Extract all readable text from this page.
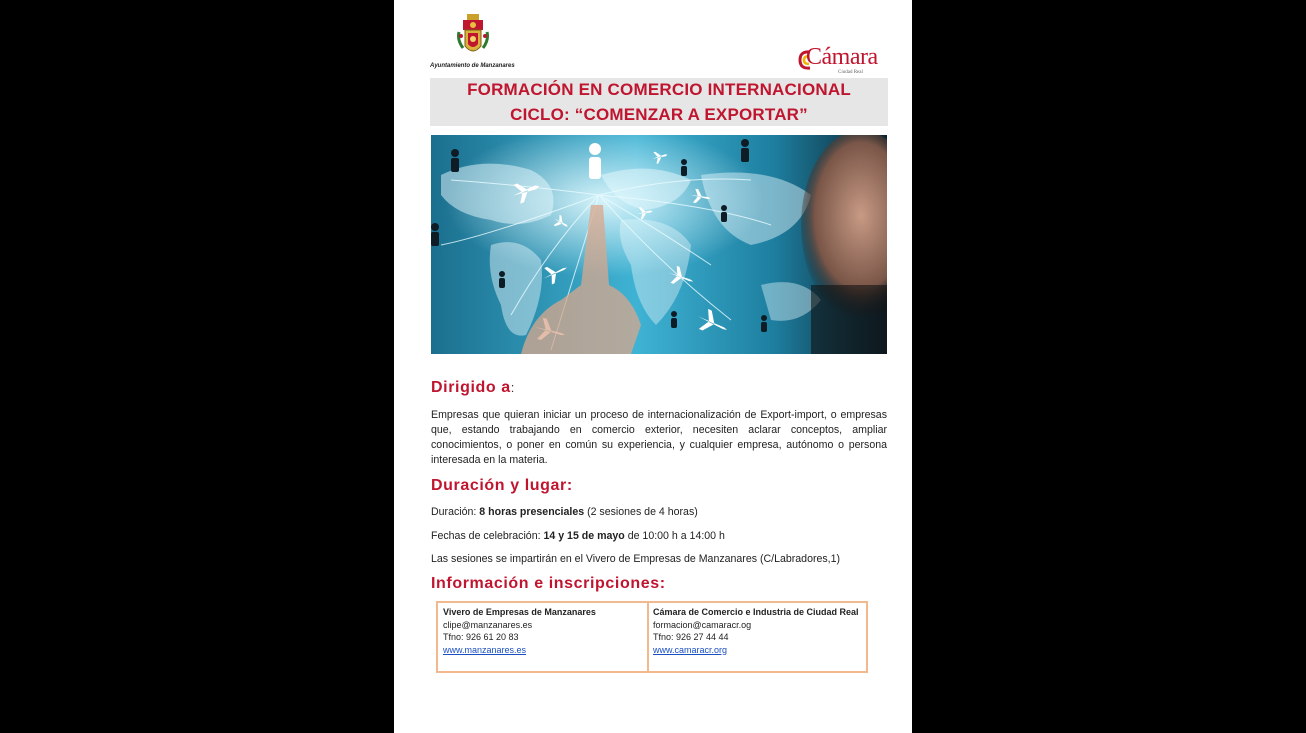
Ayuntamiento de Manzanares	Cámara
Ciudad Real
FORMACIÓN EN COMERCIO INTERNACIONAL
CICLO: “COMENZAR A EXPORTAR”
Dirigido a:
Empresas que quieran iniciar un proceso de internacionalización de Export-import, o empresas que, estando trabajando en comercio exterior, necesiten aclarar conceptos, ampliar conocimientos, o poner en común su experiencia, y cualquier empresa, autónomo o persona interesada en la materia.
Duración y lugar:
Duración: 8 horas presenciales (2 sesiones de 4 horas)
Fechas de celebración: 14 y 15 de mayo de 10:00 h a 14:00 h
Las sesiones se impartirán en el Vivero de Empresas de Manzanares (C/Labradores,1)
Información e inscripciones:
Vivero de Empresas de Manzanares
clipe@manzanares.es
Tfno: 926 61 20 83
www.manzanares.es
Cámara de Comercio e Industria de Ciudad Real
formacion@camaracr.og
Tfno: 926 27 44 44
www.camaracr.org
